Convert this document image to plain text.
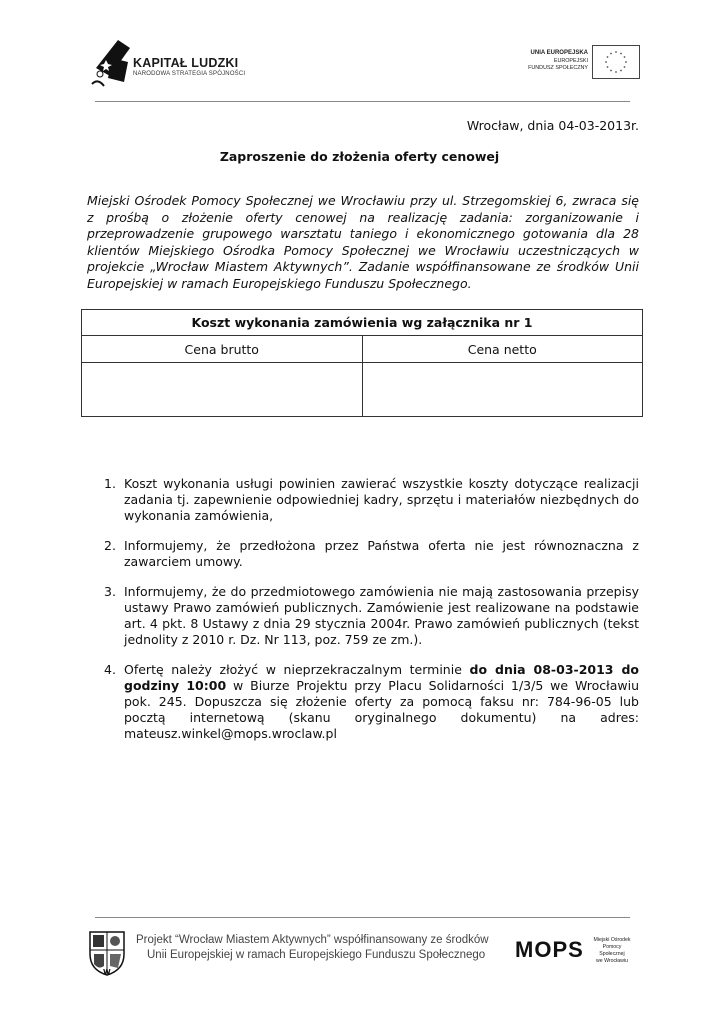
KAPITAŁ LUDZKI
NARODOWA STRATEGIA SPÓJNOŚCI
UNIA EUROPEJSKA
EUROPEJSKI
FUNDUSZ SPOŁECZNY
Wrocław, dnia 04-03-2013r.
Zaproszenie do złożenia oferty cenowej
Miejski Ośrodek Pomocy Społecznej we Wrocławiu przy ul. Strzegomskiej 6, zwraca się z prośbą o złożenie oferty cenowej na realizację zadania: zorganizowanie i przeprowadzenie grupowego warsztatu taniego i ekonomicznego gotowania dla 28 klientów Miejskiego Ośrodka Pomocy Społecznej we Wrocławiu uczestniczących w projekcie „Wrocław Miastem Aktywnych”. Zadanie współfinansowane ze środków Unii Europejskiej w ramach Europejskiego Funduszu Społecznego.
Koszt wykonania zamówienia wg załącznika nr 1	
Cena brutto	Cena netto

1. Koszt wykonania usługi powinien zawierać wszystkie koszty dotyczące realizacji zadania tj. zapewnienie odpowiedniej kadry, sprzętu i materiałów niezbędnych do wykonania zamówienia,
2. Informujemy, że przedłożona przez Państwa oferta nie jest równoznaczna z zawarciem umowy.
3. Informujemy, że do przedmiotowego zamówienia nie mają zastosowania przepisy ustawy Prawo zamówień publicznych. Zamówienie jest realizowane na podstawie art. 4 pkt. 8 Ustawy z dnia 29 stycznia 2004r. Prawo zamówień publicznych (tekst jednolity z 2010 r. Dz. Nr 113, poz. 759 ze zm.).
4. Ofertę należy złożyć w nieprzekraczalnym terminie do dnia 08-03-2013 do godziny 10:00 w Biurze Projektu przy Placu Solidarności 1/3/5 we Wrocławiu pok. 245. Dopuszcza się złożenie oferty za pomocą faksu nr: 784-96-05 lub pocztą internetową (skanu oryginalnego dokumentu) na adres: mateusz.winkel@mops.wroclaw.pl
W
Projekt “Wrocław Miastem Aktywnych” współfinansowany ze środków
Unii Europejskiej w ramach Europejskiego Funduszu Społecznego MOPS Miejski Ośrodek
Pomocy Społecznej
we Wrocławiu
